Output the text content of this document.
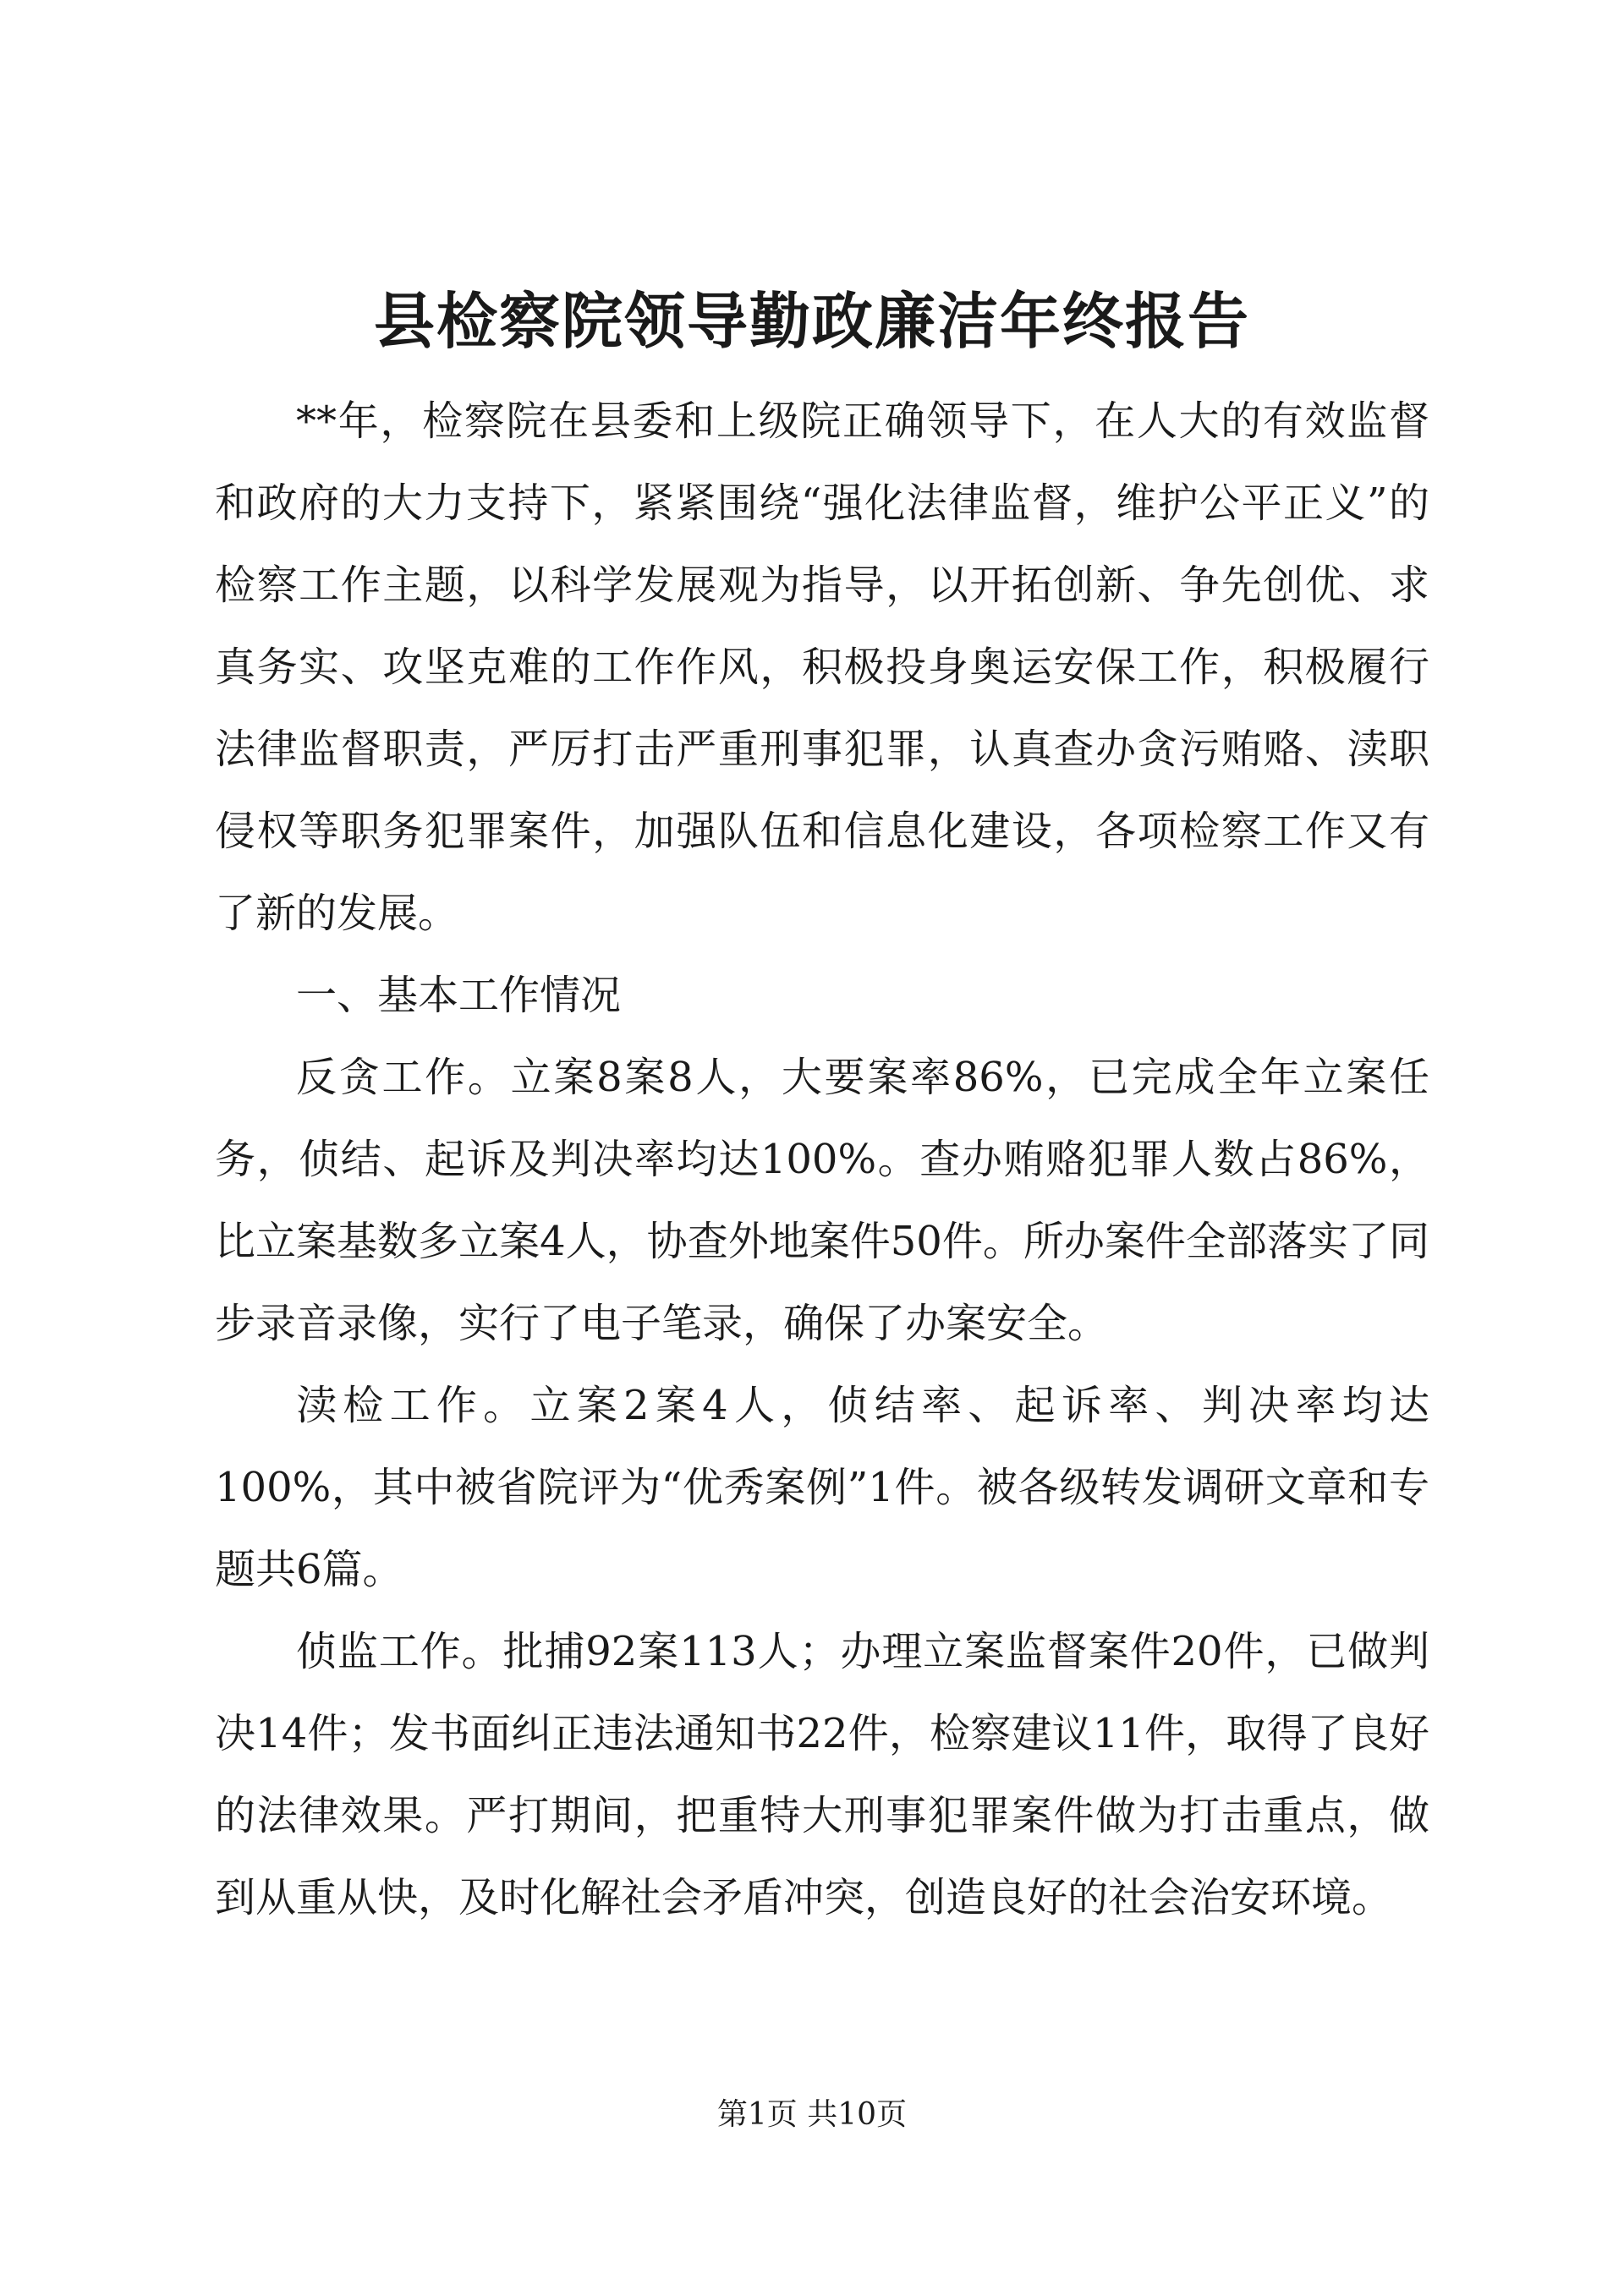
县检察院领导勤政廉洁年终报告

**年，检察院在县委和上级院正确领导下，在人大的有效监督和政府的大力支持下，紧紧围绕“强化法律监督，维护公平正义”的检察工作主题，以科学发展观为指导，以开拓创新、争先创优、求真务实、攻坚克难的工作作风，积极投身奥运安保工作，积极履行法律监督职责，严厉打击严重刑事犯罪，认真查办贪污贿赂、渎职侵权等职务犯罪案件，加强队伍和信息化建设，各项检察工作又有了新的发展。

一、基本工作情况

反贪工作。立案8案8人，大要案率86%，已完成全年立案任务，侦结、起诉及判决率均达100%。查办贿赂犯罪人数占86%，比立案基数多立案4人，协查外地案件50件。所办案件全部落实了同步录音录像，实行了电子笔录，确保了办案安全。

渎检工作。立案2案4人，侦结率、起诉率、判决率均达100%，其中被省院评为“优秀案例”1件。被各级转发调研文章和专题共6篇。

侦监工作。批捕92案113人；办理立案监督案件20件，已做判决14件；发书面纠正违法通知书22件，检察建议11件，取得了良好的法律效果。严打期间，把重特大刑事犯罪案件做为打击重点，做到从重从快，及时化解社会矛盾冲突，创造良好的社会治安环境。

第1页 共10页
